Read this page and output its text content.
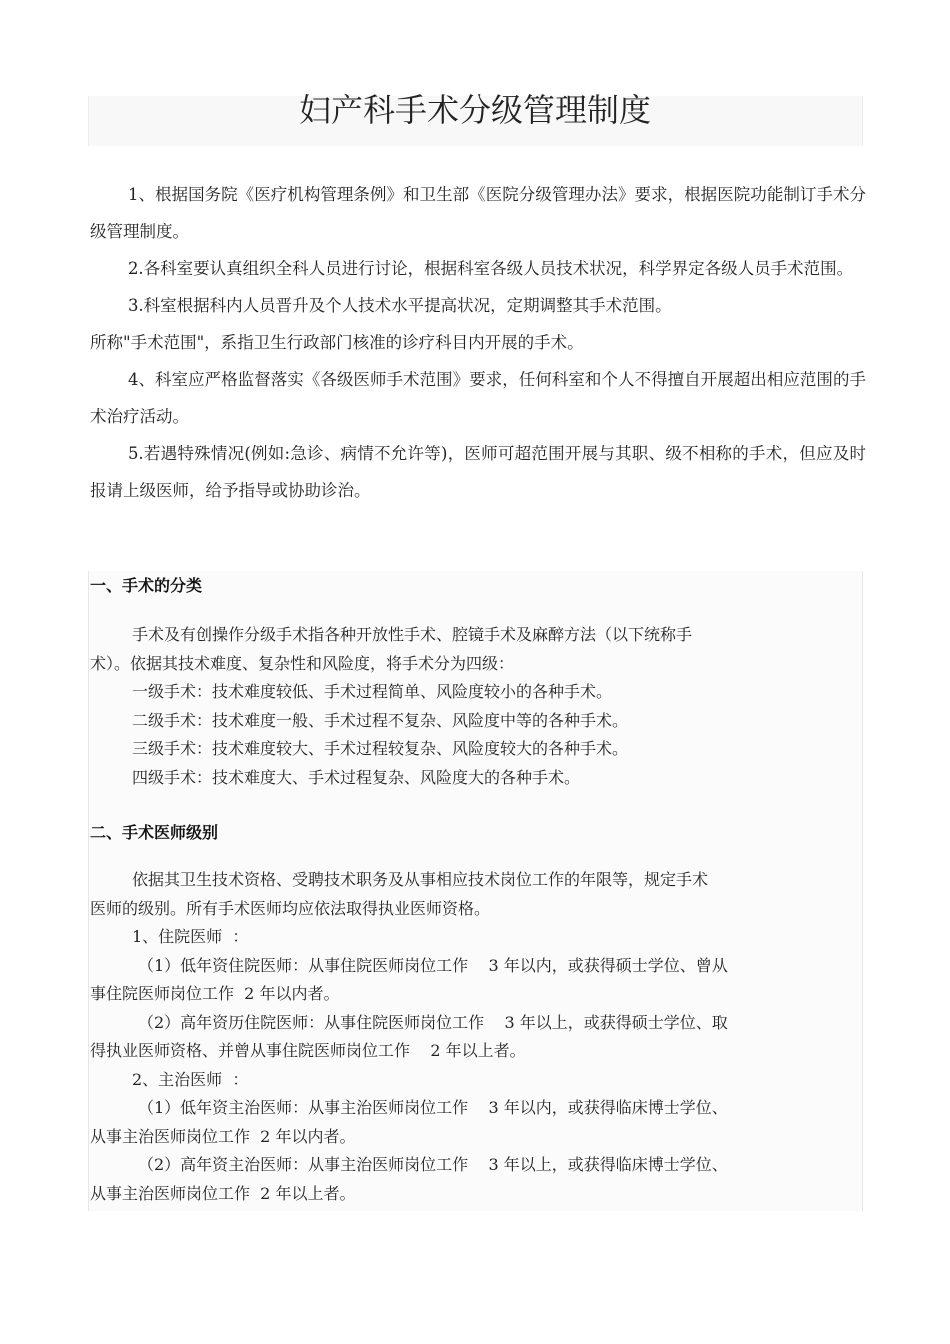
妇产科手术分级管理制度

1、根据国务院《医疗机构管理条例》和卫生部《医院分级管理办法》要求，根据医院功能制订手术分级管理制度。

2.各科室要认真组织全科人员进行讨论，根据科室各级人员技术状况，科学界定各级人员手术范围。

3.科室根据科内人员晋升及个人技术水平提高状况，定期调整其手术范围。

所称"手术范围"，系指卫生行政部门核准的诊疗科目内开展的手术。

4、科室应严格监督落实《各级医师手术范围》要求，任何科室和个人不得擅自开展超出相应范围的手术治疗活动。

5.若遇特殊情况(例如:急诊、病情不允许等)，医师可超范围开展与其职、级不相称的手术，但应及时报请上级医师，给予指导或协助诊治。

一、手术的分类

手术及有创操作分级手术指各种开放性手术、腔镜手术及麻醉方法（以下统称手

术）。依据其技术难度、复杂性和风险度，将手术分为四级：

一级手术：技术难度较低、手术过程简单、风险度较小的各种手术。

二级手术：技术难度一般、手术过程不复杂、风险度中等的各种手术。

三级手术：技术难度较大、手术过程较复杂、风险度较大的各种手术。

四级手术：技术难度大、手术过程复杂、风险度大的各种手术。

二、手术医师级别

依据其卫生技术资格、受聘技术职务及从事相应技术岗位工作的年限等，规定手术

医师的级别。所有手术医师均应依法取得执业医师资格。

1、住院医师  ：

（1）低年资住院医师：从事住院医师岗位工作    3 年以内，或获得硕士学位、曾从

事住院医师岗位工作  2 年以内者。

（2）高年资历住院医师：从事住院医师岗位工作    3 年以上，或获得硕士学位、取

得执业医师资格、并曾从事住院医师岗位工作    2 年以上者。

2、主治医师  ：

（1）低年资主治医师：从事主治医师岗位工作    3 年以内，或获得临床博士学位、

从事主治医师岗位工作  2 年以内者。

（2）高年资主治医师：从事主治医师岗位工作    3 年以上，或获得临床博士学位、

从事主治医师岗位工作  2 年以上者。
